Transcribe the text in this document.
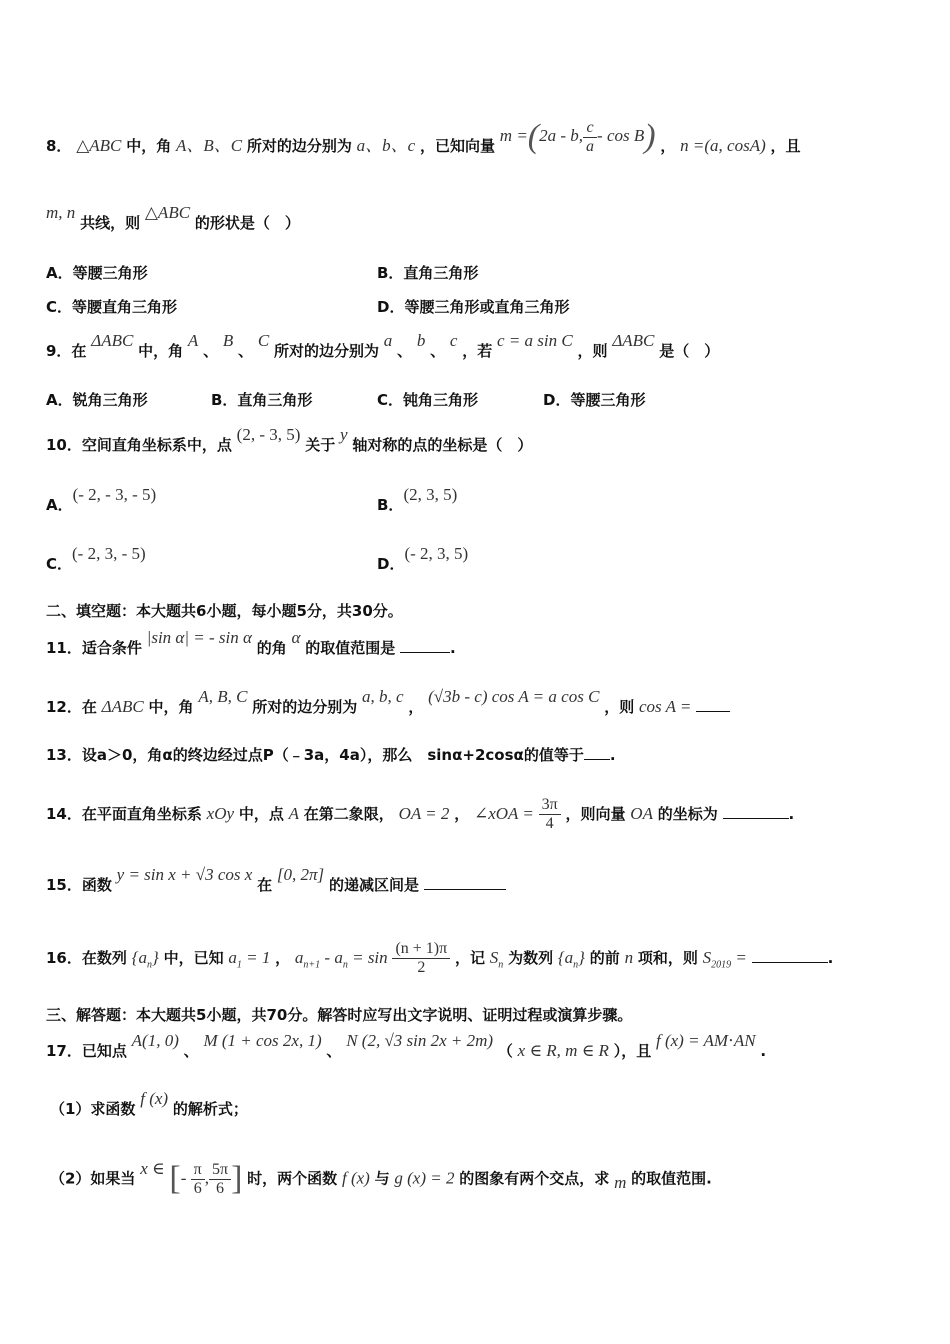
8． △ABC 中，角 A、B、C 所对的边分别为 a、b、c ，已知向量 m =(2a - b, $\frac{c}{a}$ - cos B) ， n =(a, cosA) ，且
m, n 共线，则 △ABC 的形状是（　）
A．等腰三角形	B．直角三角形
C．等腰直角三角形	D．等腰三角形或直角三角形
9．在 ΔABC 中，角 A 、 B 、 C 所对的边分别为 a 、 b 、 c ，若 c = a sin C ，则 ΔABC 是（　）
A．锐角三角形	B．直角三角形	C．钝角三角形	D．等腰三角形
10．空间直角坐标系中，点 (2, - 3, 5) 关于 y 轴对称的点的坐标是（　）
A．(- 2, - 3, - 5)
B．(2, 3, 5)
C．(- 2, 3, - 5)
D．(- 2, 3, 5)
二、填空题：本大题共6小题，每小题5分，共30分。
11．适合条件 |sin α| = - sin α 的角 α 的取值范围是	.
12．在 ΔABC 中，角 A, B, C 所对的边分别为 a, b, c ， (√3b - c) cos A = a cos C ，则 cos A =
13．设a＞0，角α的终边经过点P（﹣3a，4a），那么　sinα+2cosα的值等于 .
14．在平面直角坐标系 xOy 中，点 A 在第二象限， OA = 2 ， ∠xOA = $\frac{3\pi}{4}$ ，则向量 OA 的坐标为	.
15．函数 y = sin x + √3 cos x 在 [0, 2π] 的递减区间是
16．在数列 $\{a_n\}$ 中，已知 $a_1 = 1$ ， $a_{n+1} - a_n = \sin \frac{(n + 1)\pi}{2}$ ，记 $S_n$ 为数列 $\{a_n\}$ 的前 n 项和，则 $S_{2019}$ =	.
三、解答题：本大题共5小题，共70分。解答时应写出文字说明、证明过程或演算步骤。
17．已知点 A(1, 0) 、 M (1 + cos 2x, 1) 、 N (2, √3 sin 2x + 2m) （ x ∈ R, m ∈ R ），且 f (x) = AM⋅AN .
（1）求函数 f (x) 的解析式；
（2）如果当 x ∈ [- $\frac{\pi}{6}$ , $\frac{5\pi}{6}$ ] 时，两个函数 f (x) 与 g (x) = 2 的图象有两个交点，求 m 的取值范围.
